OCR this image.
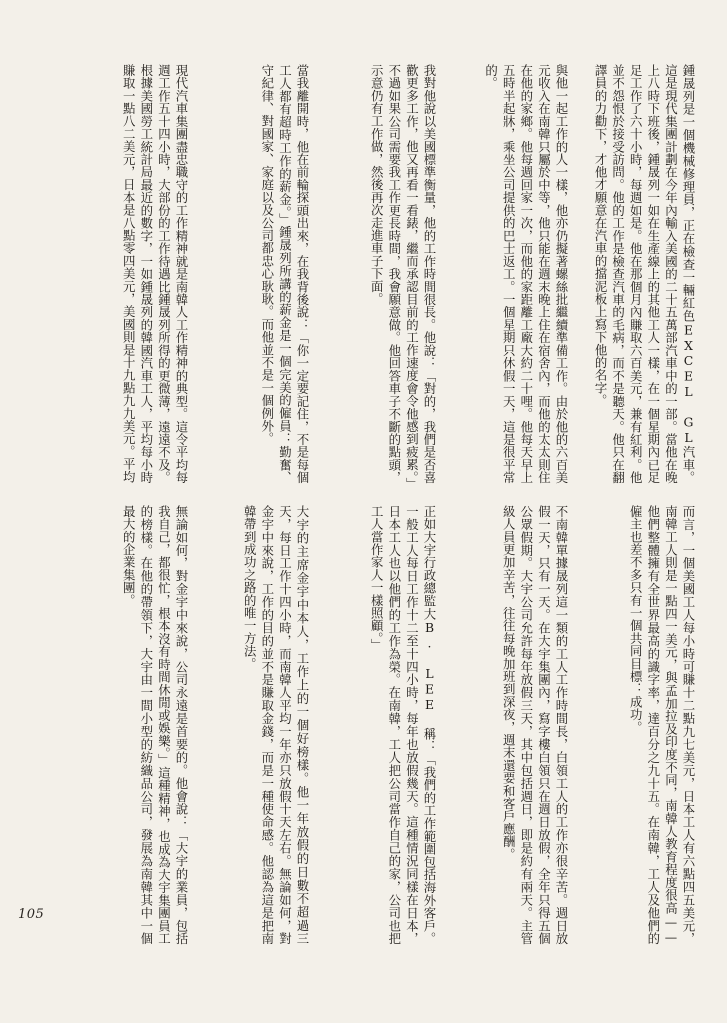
鍾晟列是一個機械修理員，正在檢查一輛紅色EXCEL GL汽車。這是現代集團計劃在今年內輸入美國的二十五萬部汽車中的一部。當他在晚上八時下班後，鍾晟列一如在生產線上的其他工人一樣，在一個星期內已足足工作了六十小時，每週如是。他在那個月內賺取六百美元，兼有紅利。他並不怨恨於接受訪問。他的工作是檢查汽車的毛病，而不是聽天。他只在翻譯員的力勸下，才他才願意在汽車的擋泥板上寫下他的名字。
與他一起工作的人一樣，他亦仍擬著螺絲批繼續準備工作。由於他的六百美元收入在南韓只屬於中等，他只能在週末晚上住在宿舍內，而他的太太則住在他的家鄉。他每週回家一次，而他的家距離工廠大約二十哩。他每天早上五時半起牀，乘坐公司提供的巴士返工。一個星期只休假一天，這是很平常的。
我對他說以美國標準衡量，他的工作時間很長。他說：「對的，我們是否喜歡更多工作，他又再看一看錶，繼而承認目前的工作速度會令他感到疲累。」不過如果公司需要我工作更長時間，我會願意做。他回答車子不斷的點頭，示意仍有工作做，然後再次走進車子下面。
當我離開時，他在前輪探頭出來，在我背後說：「你一定要記住，不是每個工人都有超時工作的薪金。」鍾晟列所講的薪金是一個完美的僱員：勤奮、守紀律、對國家、家庭以及公司都忠心耿耿。而他並不是一個例外。
現代汽車集團盡忠職守的工作精神就是南韓人工作精神的典型。這令平均每週工作五十四小時，大部份的工作待遇比鍾晟列所得的更微薄，遠遠不及。根據美國勞工統計局最近的數字，一如鍾晟列的韓國汽車工人，平均每小時賺取一點八二美元，日本是八點零四美元，美國則是十九點九九美元。平均
而言，一個美國工人每小時可賺十二點九七美元，日本工人有六點四五美元，南韓工人則是一點四一美元，與孟加拉及印度不同，南韓人教育程度很高——他們整體擁有全世界最高的識字率，達百分之九十五。在南韓，工人及他們的僱主也差不多只有一個共同目標：成功。
不南韓單據晟列這一類的工人工作時間長，白領工人的工作亦很辛苦。週日放假一天，只有一天。在大宇集團內，寫字樓白領只在週日放假，全年只得五個公眾假期。大宇公司允許每年放假三天，其中包括週日，即是約有兩天。主管級人員更加辛苦，往往每晚加班到深夜，週末還要和客戶應酬。
正如大宇行政總監大B. LEE 稱：「我們的工作範圍包括海外客戶。一般工人每日工作十二至十四小時，每年也放假幾天。這種情況同樣在日本，日本工人也以他們的工作為榮。在南韓，工人把公司當作自己的家，公司也把工人當作家人一樣照顧。」
大宇的主席金宇中本人，工作上的一個好榜樣。他一年放假的日數不超過三天，每日工作十四小時，而南韓人平均一年亦只放假十天左右。無論如何，對金宇中來說，工作的目的並不是賺取金錢，而是一種使命感。他認為這是把南韓帶到成功之路的唯一方法。
無論如何，對金宇中來說，公司永遠是首要的。他會說：「大宇的業員，包括我自己，都很忙，根本沒有時間休閒或娛樂。」這種精神，也成為大宇集團員工的榜樣。在他的帶領下，大宇由一間小型的紡織品公司，發展為南韓其中一個最大的企業集團。
105
